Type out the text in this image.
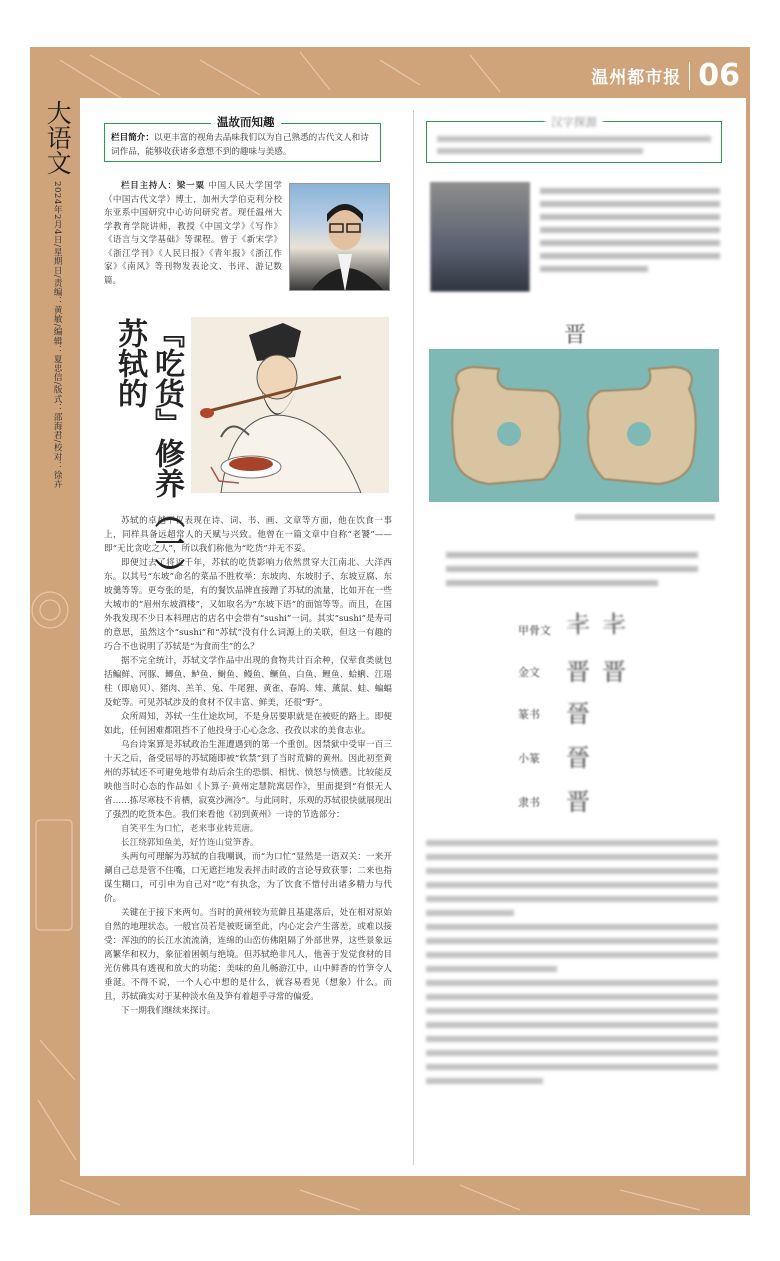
温州都市报 06
大语文
2024年2月4日/星期日/责编：黄敏/编辑：夏忠信/版式：邵海君/校对：徐卉
栏目简介：以更丰富的视角去品味我们以为自己熟悉的古代文人和诗词作品，能够收获诸多意想不到的趣味与美感。
温故而知趣
栏目主持人：梁一粟 中国人民大学国学（中国古代文学）博士，加州大学伯克利分校东亚系中国研究中心访问研究者。现任温州大学教育学院讲师，教授《中国文学》《写作》《语言与文学基础》等课程。曾于《新宋学》《浙江学刊》《人民日报》《青年报》《浙江作家》《南风》等刊物发表论文、书评、游记数篇。
苏轼的 『吃货』修养（一）

苏轼的卓越不仅表现在诗、词、书、画、文章等方面，他在饮食一事上，同样具备远超常人的天赋与兴致。他曾在一篇文章中自称“老饕”——即“无比贪吃之人”，所以我们称他为“吃货”并无不妥。

即便过去了将近千年，苏轼的吃货影响力依然贯穿大江南北、大洋西东。以其号“东坡”命名的菜品不胜枚举：东坡肉、东坡肘子、东坡豆腐、东坡羹等等。更夸张的是，有的餐饮品牌直接蹭了苏轼的流量，比如开在一些大城市的“眉州东坡酒楼”，又如取名为“东坡下语”的面馆等等。而且，在国外我发现不少日本料理店的店名中会带有“sushi”一词。其实“sushi”是寿司的意思，虽然这个“sushi”和“苏轼”没有什么词源上的关联，但这一有趣的巧合不也说明了苏轼是“为食而生”的么？

据不完全统计，苏轼文学作品中出现的食物共计百余种，仅荤食类就包括鳊鲜、河豚、鲫鱼、鲈鱼、鲥鱼、鳗鱼、鳜鱼、白鱼、鲤鱼、蛤蜊、江瑶柱（即扇贝）、猪肉、羔羊、兔、牛尾狸、黄雀、春鸠、雉、薰鼠、蛙、蝙蝠及蛇等。可见苏轼涉及的食材不仅丰富、鲜美，还很“野”。

众所周知，苏轼一生仕途坎坷，不是身居要职就是在被贬的路上。即便如此，任何困难都阻挡不了他投身于心心念念、孜孜以求的美食志业。

乌台诗案算是苏轼政治生涯遭遇到的第一个重创。因禁狱中受审一百三十天之后，备受屈辱的苏轼随即被“软禁”到了当时荒僻的黄州。因此初至黄州的苏轼还不可避免地带有劫后余生的恐惧、相忧、愤怒与愤懑。比较能反映他当时心态的作品如《卜算子·黄州定慧院寓居作》，里面提到“有恨无人省……拣尽寒枝不肯栖，寂寞沙洲冷”。与此同时，乐观的苏轼很快就展现出了强烈的吃货本色。我们来看他《初到黄州》一诗的节选部分：

自笑平生为口忙，老来事业转荒唐。

长江绕郭知鱼美，好竹连山觉笋香。

头两句可理解为苏轼的自我嘲讽，而“为口忙”显然是一语双关：一来开涮自己总是管不住嘴，口无遮拦地发表抨击时政的言论导致获罪；二来也指谋生糊口，可引申为自己对“吃”有执念，为了饮食不惜付出诸多精力与代价。

关键在于接下来两句。当时的黄州较为荒僻且基建落后，处在相对原始自然的地理状态。一般官员若是被贬谪至此，内心定会产生落差，或难以接受：浑浊的的长江水流流淌，连绵的山峦仿佛阻隔了外部世界，这些景象远离繁华和权力，象征着困顿与绝境。但苏轼绝非凡人，他善于发觉食材的目光仿佛具有透视和放大的功能：美味的鱼儿畅游江中，山中鲜香的竹笋令人垂涎。不得不说，一个人心中想的是什么，就容易看见（想象）什么。而且，苏轼确实对于某种淡水鱼及笋有着超乎寻常的偏爱。

下一期我们继续来探讨。

汉字探源
晋
甲骨文 𠦋 𠦋
金文 晋 晋
篆书 晉
小篆 晉
隶书 晋
